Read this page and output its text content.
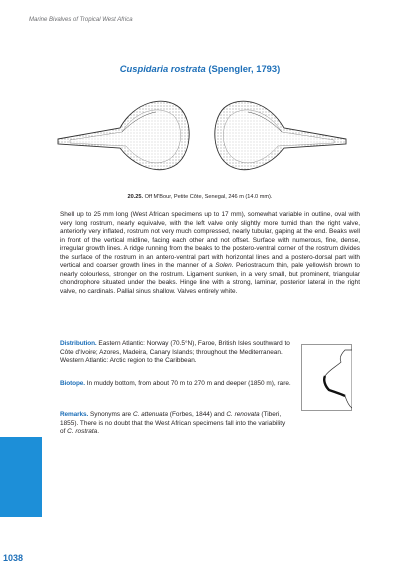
Marine Bivalves of Tropical West Africa
Cuspidaria rostrata (Spengler, 1793)
20.25. Off M'Bour, Petite Côte, Senegal, 246 m (14.0 mm).
Shell up to 25 mm long (West African specimens up to 17 mm), somewhat variable in outline, oval with very long rostrum, nearly equivalve, with the left valve only slightly more tumid than the right valve, anteriorly very inflated, rostrum not very much compressed, nearly tubular, gaping at the end. Beaks well in front of the vertical midline, facing each other and not offset. Surface with numerous, fine, dense, irregular growth lines. A ridge running from the beaks to the postero-ventral corner of the rostrum divides the surface of the rostrum in an antero-ventral part with horizontal lines and a postero-dorsal part with vertical and coarser growth lines in the manner of a Solen. Periostracum thin, pale yellowish brown to nearly colourless, stronger on the rostrum. Ligament sunken, in a very small, but prominent, triangular chondrophore situated under the beaks. Hinge line with a strong, laminar, posterior lateral in the right valve, no cardinals. Pallial sinus shallow. Valves entirely white.
Distribution. Eastern Atlantic: Norway (70.5°N), Faroe, British Isles southward to Côte d'Ivoire; Azores, Madeira, Canary Islands; throughout the Mediterranean. Western Atlantic: Arctic region to the Caribbean.
Biotope. In muddy bottom, from about 70 m to 270 m and deeper (1850 m), rare.
Remarks. Synonyms are C. attenuata (Forbes, 1844) and C. renovata (Tiberi, 1855). There is no doubt that the West African specimens fall into the variability of C. rostrata.
1038
